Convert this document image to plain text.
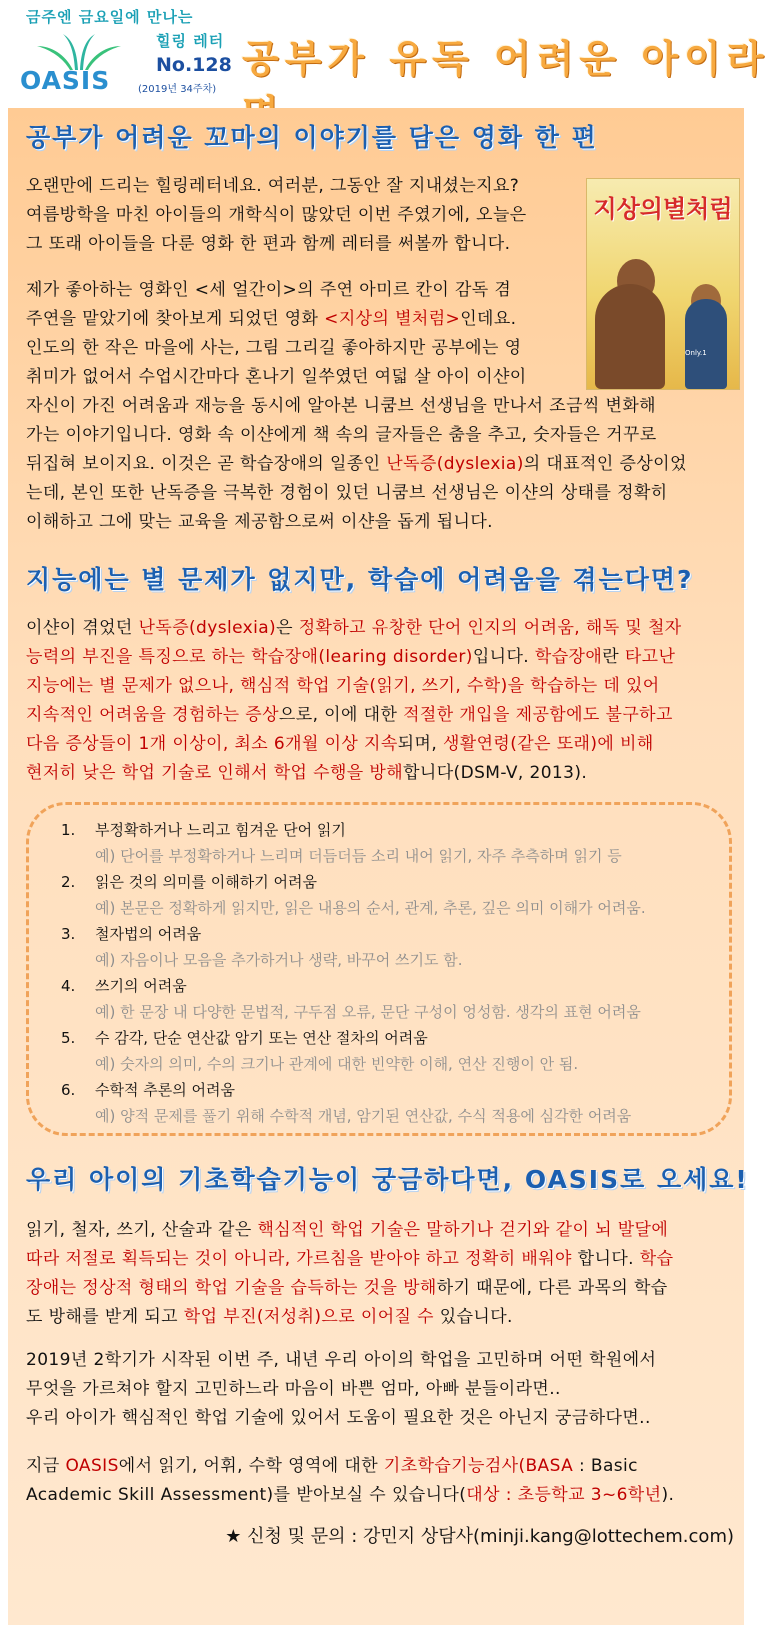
금주엔 금요일에 만나는
힐링 레터
No.128
(2019년 34주차)
OASIS	공부가 유독 어려운 아이라
공부가 어려운 꼬마의 이야기를 담은 영화 한 편
지상의별처럼
Only.1
오랜만에 드리는 힐링레터네요. 여러분, 그동안 잘 지내셨는지요?
여름방학을 마친 아이들의 개학식이 많았던 이번 주였기에, 오늘은
그 또래 아이들을 다룬 영화 한 편과 함께 레터를 써볼까 합니다.
제가 좋아하는 영화인 <세 얼간이>의 주연 아미르 칸이 감독 겸
주연을 맡았기에 찾아보게 되었던 영화 <지상의 별처럼>인데요.
인도의 한 작은 마을에 사는, 그림 그리길 좋아하지만 공부에는 영
취미가 없어서 수업시간마다 혼나기 일쑤였던 여덟 살 아이 이샨이
자신이 가진 어려움과 재능을 동시에 알아본 니쿰브 선생님을 만나서 조금씩 변화해
가는 이야기입니다. 영화 속 이샨에게 책 속의 글자들은 춤을 추고, 숫자들은 거꾸로
뒤집혀 보이지요. 이것은 곧 학습장애의 일종인 난독증(dyslexia)의 대표적인 증상이었
는데, 본인 또한 난독증을 극복한 경험이 있던 니쿰브 선생님은 이샨의 상태를 정확히
이해하고 그에 맞는 교육을 제공함으로써 이샨을 돕게 됩니다.
지능에는 별 문제가 없지만, 학습에 어려움을 겪는다면?
이샨이 겪었던 난독증(dyslexia)은 정확하고 유창한 단어 인지의 어려움, 해독 및 철자
능력의 부진을 특징으로 하는 학습장애(learing disorder)입니다. 학습장애란 타고난
지능에는 별 문제가 없으나, 핵심적 학업 기술(읽기, 쓰기, 수학)을 학습하는 데 있어
지속적인 어려움을 경험하는 증상으로, 이에 대한 적절한 개입을 제공함에도 불구하고
다음 증상들이 1개 이상이, 최소 6개월 이상 지속되며, 생활연령(같은 또래)에 비해
현저히 낮은 학업 기술로 인해서 학업 수행을 방해합니다(DSM-V, 2013).
1. 부정확하거나 느리고 힘겨운 단어 읽기
예) 단어를 부정확하거나 느리며 더듬더듬 소리 내어 읽기, 자주 추측하며 읽기 등
2. 읽은 것의 의미를 이해하기 어려움
예) 본문은 정확하게 읽지만, 읽은 내용의 순서, 관계, 추론, 깊은 의미 이해가 어려움.
3. 철자법의 어려움
예) 자음이나 모음을 추가하거나 생략, 바꾸어 쓰기도 함.
4. 쓰기의 어려움
예) 한 문장 내 다양한 문법적, 구두점 오류, 문단 구성이 엉성함. 생각의 표현 어려움
5. 수 감각, 단순 연산값 암기 또는 연산 절차의 어려움
예) 숫자의 의미, 수의 크기나 관계에 대한 빈약한 이해, 연산 진행이 안 됨.
6. 수학적 추론의 어려움
예) 양적 문제를 풀기 위해 수학적 개념, 암기된 연산값, 수식 적용에 심각한 어려움
우리 아이의 기초학습기능이 궁금하다면, OASIS로 오세요!
읽기, 철자, 쓰기, 산술과 같은 핵심적인 학업 기술은 말하기나 걷기와 같이 뇌 발달에
따라 저절로 획득되는 것이 아니라, 가르침을 받아야 하고 정확히 배워야 합니다. 학습
장애는 정상적 형태의 학업 기술을 습득하는 것을 방해하기 때문에, 다른 과목의 학습
도 방해를 받게 되고 학업 부진(저성취)으로 이어질 수 있습니다.
2019년 2학기가 시작된 이번 주, 내년 우리 아이의 학업을 고민하며 어떤 학원에서
무엇을 가르쳐야 할지 고민하느라 마음이 바쁜 엄마, 아빠 분들이라면..
우리 아이가 핵심적인 학업 기술에 있어서 도움이 필요한 것은 아닌지 궁금하다면..
지금 OASIS에서 읽기, 어휘, 수학 영역에 대한 기초학습기능검사(BASA : Basic
Academic Skill Assessment)를 받아보실 수 있습니다(대상 : 초등학교 3~6학년).
★ 신청 및 문의 : 강민지 상담사(minji.kang@lottechem.com)
